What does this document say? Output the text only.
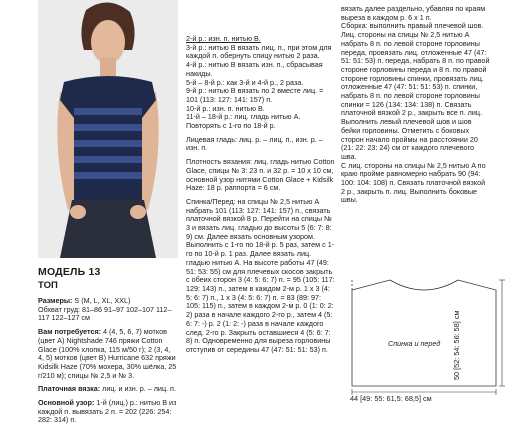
МОДЕЛЬ 13
ТОП

Размеры: S (M, L, XL, XXL)

Обхват груд: 81–86 91–97 102–107 112–117 122–127 см

Вам потребуется: 4 (4, 5, 6, 7) мотков (цвет A) Nightshade 746 пряжи Cotton Glace (100% хлопка, 115 м/50 г); 2 (3, 4, 4, 5) мотков (цвет B) Hurricane 632 пряжи Kidsilk Haze (70% мохера, 30% шёлка, 25 г/210 м); спицы № 2,5 и № 3.

Платочная вязка: лиц. и изн. р. – лиц. п.

Основной узор: 1-й (лиц.) р.: нитью B из каждой п. вывязать 2 п. = 202 (226: 254: 282: 314) п.

2-й р.: изн. п. нитью B.

3-й р.: нитью B вязать лиц. п., при этом для каждой п. обернуть спицу нитью 2 раза.

4-й р.: нитью B вязать изн. п., сбрасывая накиды.

5-й – 8-й р.: как 3-й и 4-й р., 2 раза.

9-й р.: нитью B вязать по 2 вместе лиц. = 101 (113: 127: 141: 157) п.

10-й р.: изн. п. нитью B.

11-й – 18-й р.: лиц. гладь нитью А.

Повторять с 1-го по 18-й р.

Лицевая гладь: лиц. р. – лиц. п., изн. р. – изн. п.

Плотность вязания: лиц. гладь нитью Cotton Glace, спицы № 3: 23 п. и 32 р. = 10 х 10 см, основной узор нитями Cotton Glace + Kidsilk Haze: 18 р. раппорта = 6 см.

Спинка/Перед: на спицы № 2,5 нитью A набрать 101 (113: 127: 141: 157) п., связать платочной вязкой 8 р. Перейти на спицы № 3 и вязать лиц. гладью до высоты 5 (6: 7: 8: 9) см. Далее вязать основным узором. Выполнить с 1-го по 18-й р. 5 раз, затем с 1-го по 10-й р. 1 раз. Далее вязать лиц. гладью нитью А. На высоте работы 47 (49: 51: 53: 55) см для плечевых скосов закрыть с обеих сторон 3 (4: 5: 6: 7) п. = 95 (105: 117: 129: 143) п., затем в каждом 2-м р. 1 х 3 (4: 5: 6: 7) п., 1 х 3 (4: 5: 6: 7) п. = 83 (89: 97: 105: 115) п., затем в каждом 2-м р. 0 (1: 0: 2: 2) раза в начале каждого 2-го р., затем 4 (5: 6: 7: -) р. 2 (1: 2: -) раза в начале каждого след. 2-го р. Закрыть оставшиеся 4 (5: 6: 7: 8) п. Одновременно для выреза горловины отступив от середины 47 (47: 51: 51: 53) п.

вязать далее раздельно, убавляя по краям выреза в каждом р. 6 х 1 п.

Сборка: выполнить правый плечевой шов. Лиц. стороны на спицы № 2,5 нитью A набрать 8 п. по левой стороне горловины переда, провязать лиц. отложенные 47 (47: 51: 51: 53) п. переда, набрать 8 п. по правой стороне горловины переда и 8 п. по правой стороне горловины спинки, провязать лиц. отложенные 47 (47: 51: 51: 53) п. спинки, набрать 8 п. по левой стороне горловины спинки = 126 (134: 134: 138) п. Связать платочной вязкой 2 р., закрыть все п. лиц.

Выполнить левый плечевой шов и шов бейки горловины. Отметить с боковых сторон начало проймы на расстоянии 20 (21: 22: 23: 24) см от каждого плечевого шва.

С лиц. стороны на спицы № 2,5 нитью A по краю пройме равномерно набрать 90 (94: 100: 104: 108) п. Связать платочной вязкой 2 р., закрыть п. лиц. Выполнить боковые швы.

Спинка и перед
44 [49: 55: 61,5: 68,5] см
50 [52: 54: 56: 58] см
